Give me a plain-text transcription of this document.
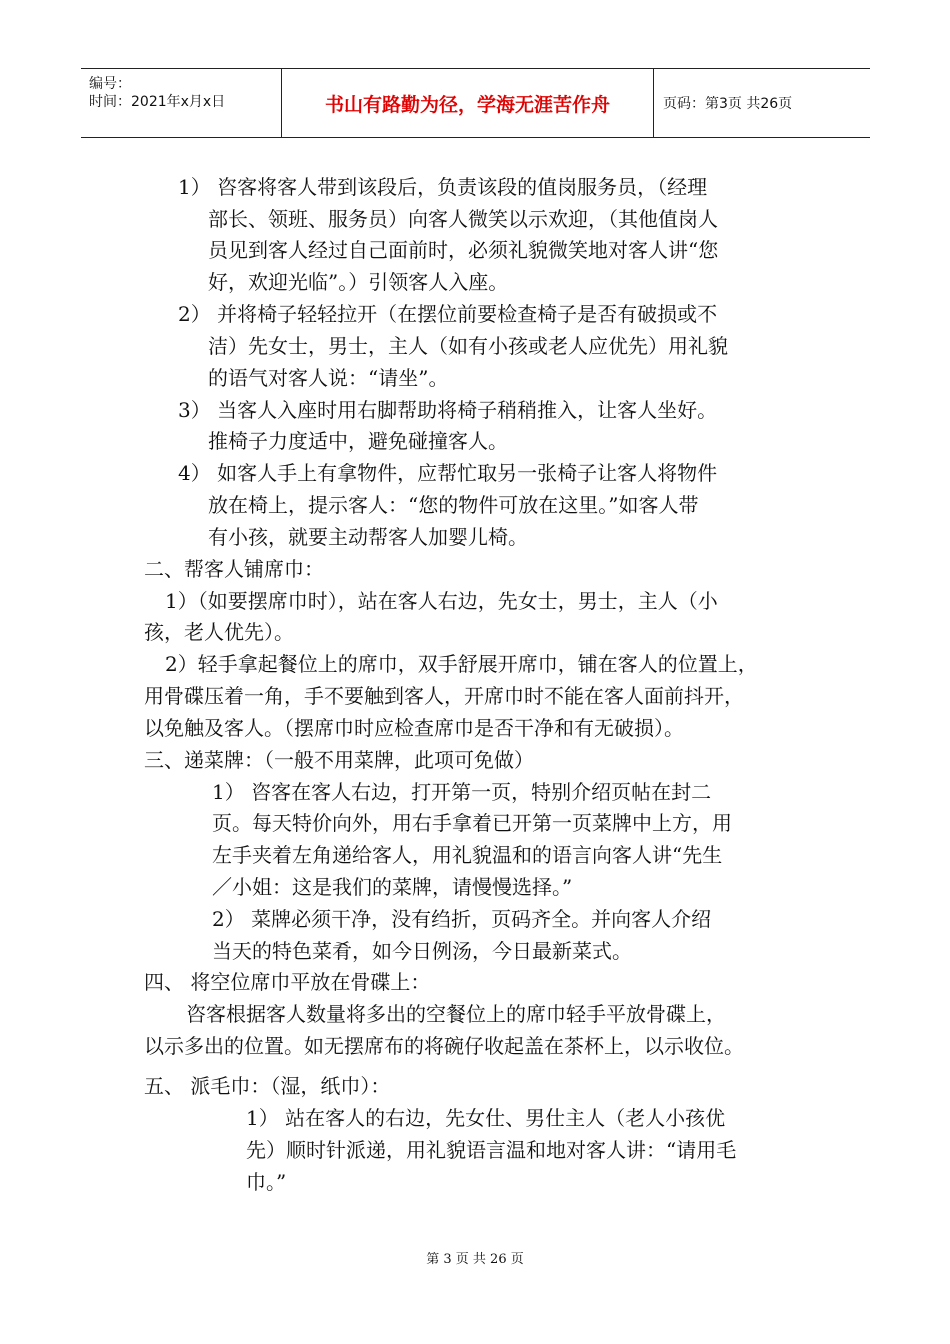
编号：
时间：2021年x月x日	书山有路勤为径，学海无涯苦作舟	页码：第3页 共26页
1） 咨客将客人带到该段后，负责该段的值岗服务员，（经理
部长、领班、服务员）向客人微笑以示欢迎，（其他值岗人
员见到客人经过自己面前时，必须礼貌微笑地对客人讲“您
好，欢迎光临”。）引领客人入座。
2） 并将椅子轻轻拉开（在摆位前要检查椅子是否有破损或不
洁）先女士，男士，主人（如有小孩或老人应优先）用礼貌
的语气对客人说：“请坐”。
3） 当客人入座时用右脚帮助将椅子稍稍推入，让客人坐好。
推椅子力度适中，避免碰撞客人。
4） 如客人手上有拿物件，应帮忙取另一张椅子让客人将物件
放在椅上，提示客人：“您的物件可放在这里。”如客人带
有小孩，就要主动帮客人加婴儿椅。
二、帮客人铺席巾：
1）（如要摆席巾时），站在客人右边，先女士，男士，主人（小
孩，老人优先）。
2）轻手拿起餐位上的席巾，双手舒展开席巾，铺在客人的位置上，
用骨碟压着一角，手不要触到客人，开席巾时不能在客人面前抖开，
以免触及客人。（摆席巾时应检查席巾是否干净和有无破损）。
三、递菜牌：（一般不用菜牌，此项可免做）
1） 咨客在客人右边，打开第一页，特别介绍页帖在封二
页。每天特价向外，用右手拿着已开第一页菜牌中上方，用
左手夹着左角递给客人，用礼貌温和的语言向客人讲“先生
／小姐：这是我们的菜牌，请慢慢选择。”
2） 菜牌必须干净，没有绉折，页码齐全。并向客人介绍
当天的特色菜肴，如今日例汤，今日最新菜式。
四、 将空位席巾平放在骨碟上：
咨客根据客人数量将多出的空餐位上的席巾轻手平放骨碟上，
以示多出的位置。如无摆席布的将碗仔收起盖在茶杯上，以示收位。
五、 派毛巾：（湿，纸巾）：
1） 站在客人的右边，先女仕、男仕主人（老人小孩优
先）顺时针派递，用礼貌语言温和地对客人讲：“请用毛
巾。”
第 3 页 共 26 页
